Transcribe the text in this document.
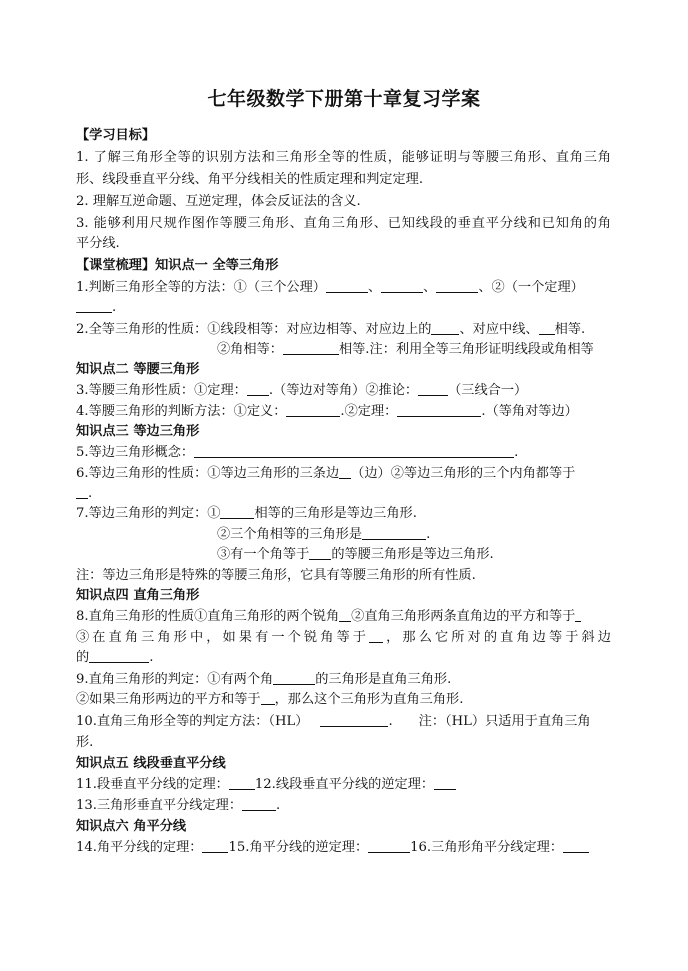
七年级数学下册第十章复习学案
【学习目标】
1. 了解三角形全等的识别方法和三角形全等的性质，能够证明与等腰三角形、直角三角
形、线段垂直平分线、角平分线相关的性质定理和判定定理.
2. 理解互逆命题、互逆定理，体会反证法的含义.
3. 能够利用尺规作图作等腰三角形、直角三角形、已知线段的垂直平分线和已知角的角
平分线.
【课堂梳理】知识点一 全等三角形
1.判断三角形全等的方法：①（三个公理）	、	、	、②（一个定理）
.
2.全等三角形的性质：①线段相等：对应边相等、对应边上的 、对应中线、 相等.
②角相等：	相等.注：利用全等三角形证明线段或角相等
知识点二 等腰三角形
3.等腰三角形性质：①定理： .（等边对等角）②推论： （三线合一）
4.等腰三角形的判断方法：①定义：	.②定理：	.（等角对等边）
知识点三 等边三角形
5.等边三角形概念：	.
6.等边三角形的性质：①等边三角形的三条边 （边）②等边三角形的三个内角都等于
.
7.等边三角形的判定：①	相等的三角形是等边三角形.
②三个角相等的三角形是	.
③有一个角等于 的等腰三角形是等边三角形.
注：等边三角形是特殊的等腰三角形，它具有等腰三角形的所有性质.
知识点四 直角三角形
8.直角三角形的性质①直角三角形的两个锐角 ②直角三角形两条直角边的平方和等于
③在直角三角形中，如果有一个锐角等于 ，那么它所对的直角边等于斜边
的	.
9.直角三角形的判定：①有两个角	的三角形是直角三角形.
②如果三角形两边的平方和等于 ，那么这个三角形为直角三角形.
10.直角三角形全等的判定方法：（HL）	. 注：（HL）只适用于直角三角
形.
知识点五 线段垂直平分线
11.段垂直平分线的定理： 12.线段垂直平分线的逆定理：
13.三角形垂直平分线定理：	.
知识点六 角平分线
14.角平分线的定理： 15.角平分线的逆定理：	16.三角形角平分线定理：
